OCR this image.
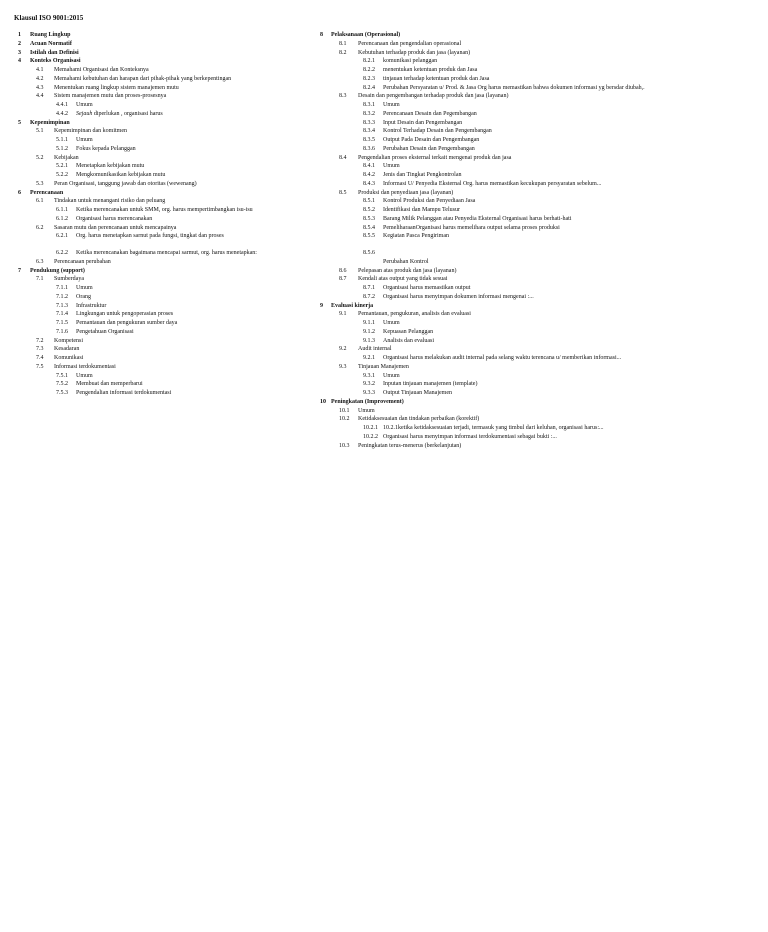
Klausul ISO 9001:2015
1 Ruang Lingkup
2 Acuan Normatif
3 Istilah dan Definisi
4 Konteks Organisasi
4.1 Memahami Organisasi dan Konteksnya
4.2 Memahami kebutuhan dan harapan dari pihak-pihak yang berkepentingan
4.3 Menentukan ruang lingkup sistem manajemen mutu
4.4 Sistem manajemen mutu dan proses-prosesnya
4.4.1 Umum
4.4.2 Sejauh diperlukan , organisasi harus
5 Kepemimpinan
5.1 Kepemimpinan dan komitmen
5.1.1 Umum
5.1.2 Fokus kepada Pelanggan
5.2 Kebijakan
5.2.1 Menetapkan kebijakan mutu
5.2.2 Mengkomunikasikan kebijakan mutu
5.3 Peran Organisasi, tanggung jawab dan otoritas (wewenang)
6 Perencanaan
6.1 Tindakan untuk menangani risiko dan peluang
6.1.1 Ketika merencanakan untuk SMM, org. harus mempertimbangkan isu-isu
6.1.2 Organisasi harus merencanakan
6.2 Sasaran mutu dan perencanaan untuk mencapainya
6.2.1 Org. harus menetapkan sarnut pada fungsi, tingkat dan proses
6.2.2 Ketika merencanakan bagaimana mencapai sarmut, org. harus menetapkan:
6.3 Perencanaan perubahan
7 Pendukung (support)
7.1 Sumberdaya
7.1.1 Umum
7.1.2 Orang
7.1.3 Infrastruktur
7.1.4 Lingkungan untuk pengoperasian proses
7.1.5 Pemantauan dan pengukuran sumber daya
7.1.6 Pengetahuan Organisasi
7.2 Kompetensi
7.3 Kesadaran
7.4 Komunikasi
7.5 Informasi terdokumentasi
7.5.1 Umum
7.5.2 Membuat dan memperbarui
7.5.3 Pengendalian informasi terdokumentasi
8 Pelaksanaan (Operasional)
8.1 Perencanaan dan pengendalian operasional
8.2 Kebutuhan terhadap produk dan jasa (layanan)
8.2.1 komunikasi pelanggan
8.2.2 menentukan ketentuan produk dan Jasa
8.2.3 tinjauan terhadap ketentuan produk dan Jasa
8.2.4 Perubahan Persyaratan u/ Prod. & Jasa Org harus memastikan bahwa dokumen informasi yg bersdar diubah,.
8.3 Desain dan pengembangan terhadap produk dan jasa (layanan)
8.3.1 Umum
8.3.2 Perencanaan Desain dan Pegembangan
8.3.3 Input Desain dan Pengembangan
8.3.4 Kontrol Terhadap Desain dan Pengembangan
8.3.5 Output Pada Desain dan Pengembangan
8.3.6 Perubahan Desain dan Pengembangan
8.4 Pengendalian proses eksternal terkait mengenai produk dan jasa
8.4.1 Umum
8.4.2 Jenis dan Tingkat Pengkontrolan
8.4.3 Informasi U/ Penyedia Eksternal Org. harus memastikan kecukupan persyaratan sebelum...
8.5 Produksi dan penyediaan jasa (layanan)
8.5.1 Kontrol Produksi dan Penyediaan Jasa
8.5.2 Identifikasi dan Mampu Telusur
8.5.3 Barang Milik Pelanggan atau Penyedia Eksternal Organisasi harus berhati-hati
8.5.4 PemeliharaanOrganisasi harus memelihara output selama proses produksi
8.5.5 Kegiatan Pasca Pengiriman
8.5.6
Perubahan Kontrol
8.6 Pelepasan atas produk dan jasa (layanan)
8.7 Kendali atas output yang tidak sesuai
8.7.1 Organisasi harus memastikan output
8.7.2 Organisasi harus menyimpan dokumen informasi mengenai :...
9 Evaluasi kinerja
9.1 Pemantauan, pengukuran, analisis dan evaluasi
9.1.1 Umum
9.1.2 Kepuasan Pelanggan
9.1.3 Analisis dan evaluasi
9.2 Audit internal
9.2.1 Organisasi harus melakukan audit internal pada selang waktu terencana u/ memberikan informasi...
9.3 Tinjauan Manajemen
9.3.1 Umum
9.3.2 Inputan tinjauan manajemen (template)
9.3.3 Output Tinjauan Manajemen
10 Peningkatan (Improvement)
10.1 Umum
10.2 Ketidaksesuaian dan tindakan perbaikan (korektif)
10.2.1 10.2.1ketika ketidaksesuaian terjadi, termasuk yang timbul dari keluhan, organisasi harus:...
10.2.2 Organisasi harus menyimpan informasi terdokumentasi sebagai bukti :...
10.3 Peningkatan terus-menerus (berkelanjutan)
